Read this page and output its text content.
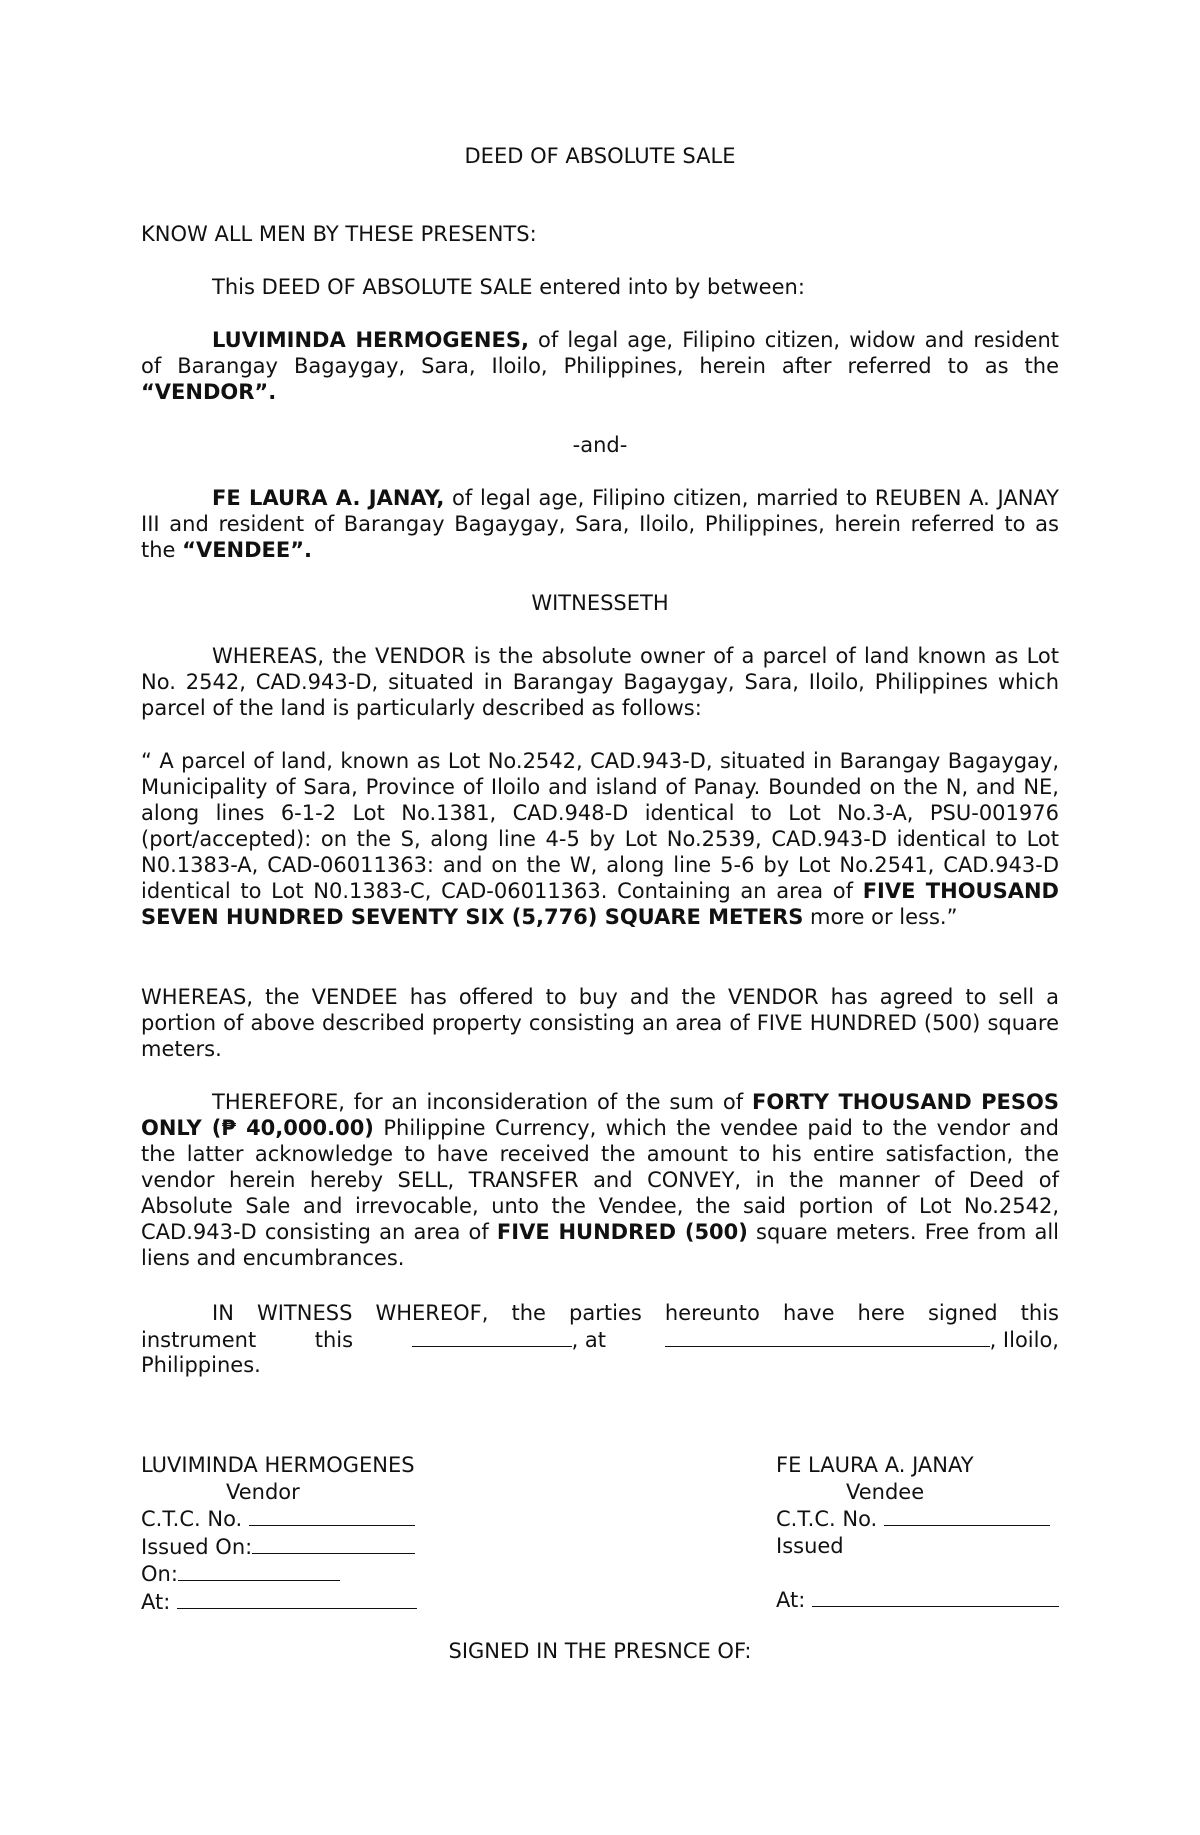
DEED OF ABSOLUTE SALE

KNOW ALL MEN BY THESE PRESENTS:

This DEED OF ABSOLUTE SALE entered into by between:

LUVIMINDA HERMOGENES, of legal age, Filipino citizen, widow and resident of Barangay Bagaygay, Sara, Iloilo, Philippines, herein after referred to as the “VENDOR”.

-and-

FE LAURA A. JANAY, of legal age, Filipino citizen, married to REUBEN A. JANAY III and resident of Barangay Bagaygay, Sara, Iloilo, Philippines, herein referred to as the “VENDEE”.

WITNESSETH

WHEREAS, the VENDOR is the absolute owner of a parcel of land known as Lot No. 2542, CAD.943-D, situated in Barangay Bagaygay, Sara, Iloilo, Philippines which parcel of the land is particularly described as follows:

“ A parcel of land, known as Lot No.2542, CAD.943-D, situated in Barangay Bagaygay, Municipality of Sara, Province of Iloilo and island of Panay. Bounded on the N, and NE, along lines 6-1-2 Lot No.1381, CAD.948-D identical to Lot No.3-A, PSU-001976 (port/accepted): on the S, along line 4-5 by Lot No.2539, CAD.943-D identical to Lot N0.1383-A, CAD-06011363: and on the W, along line 5-6 by Lot No.2541, CAD.943-D identical to Lot N0.1383-C, CAD-06011363. Containing an area of FIVE THOUSAND SEVEN HUNDRED SEVENTY SIX (5,776) SQUARE METERS more or less.”

WHEREAS, the VENDEE has offered to buy and the VENDOR has agreed to sell a portion of above described property consisting an area of FIVE HUNDRED (500) square meters.

THEREFORE, for an inconsideration of the sum of FORTY THOUSAND PESOS ONLY (₱ 40,000.00) Philippine Currency, which the vendee paid to the vendor and the latter acknowledge to have received the amount to his entire satisfaction, the vendor herein hereby SELL, TRANSFER and CONVEY, in the manner of Deed of Absolute Sale and irrevocable, unto the Vendee, the said portion of Lot No.2542, CAD.943-D consisting an area of FIVE HUNDRED (500) square meters. Free from all liens and encumbrances.

IN WITNESS WHEREOF, the parties hereunto have here signed this
instrument	this	, at	, Iloilo,
Philippines.
LUVIMINDA HERMOGENES
Vendor
C.T.C. No.
Issued On:
On:
At:
FE LAURA A. JANAY
Vendee
C.T.C. No.
Issued

At:
SIGNED IN THE PRESNCE OF:
